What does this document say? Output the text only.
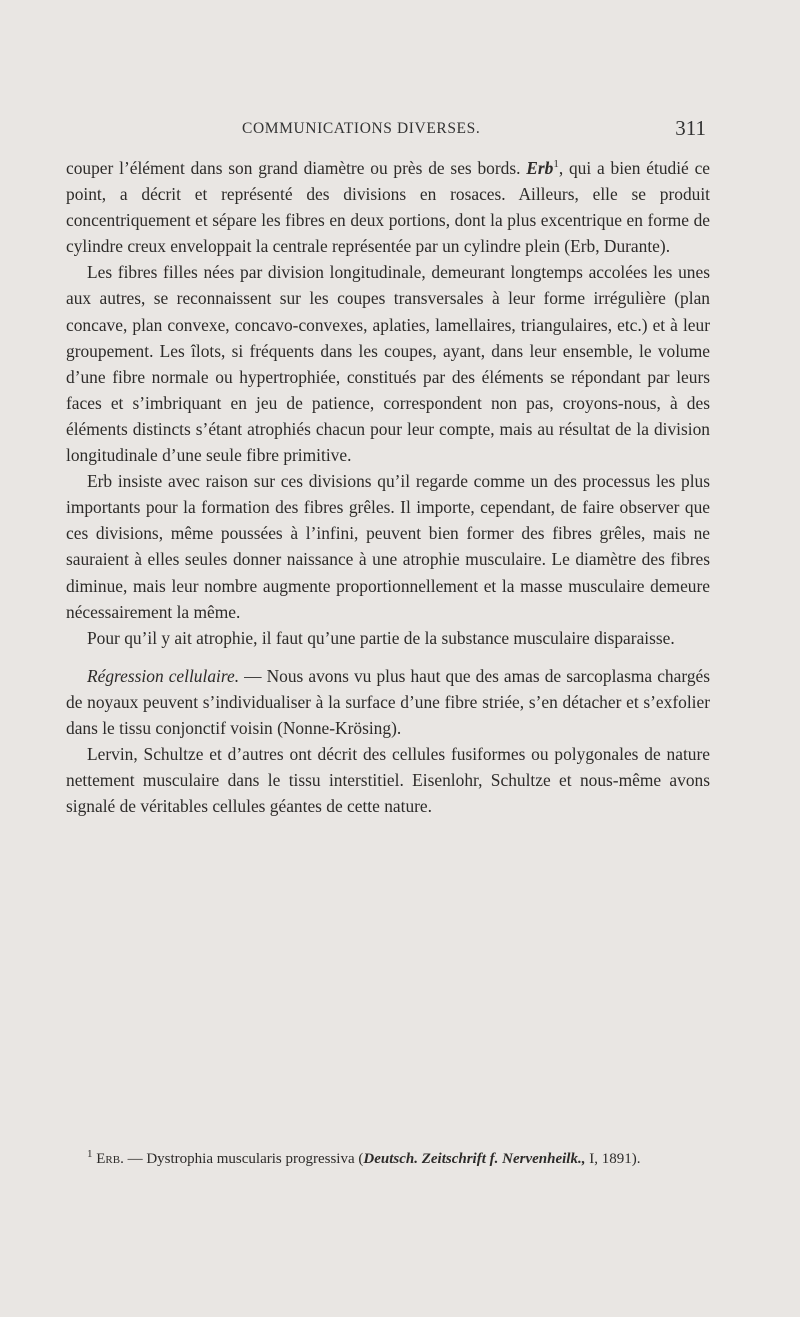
COMMUNICATIONS DIVERSES.	311

couper l’élément dans son grand diamètre ou près de ses bords. Erb$^1$, qui a bien étudié ce point, a décrit et représenté des divisions en rosaces. Ailleurs, elle se produit concentriquement et sépare les fibres en deux portions, dont la plus excentrique en forme de cylindre creux enveloppait la centrale représentée par un cylindre plein (Erb, Durante).

Les fibres filles nées par division longitudinale, demeurant longtemps accolées les unes aux autres, se reconnaissent sur les coupes transversales à leur forme irrégulière (plan concave, plan convexe, concavo-convexes, aplaties, lamellaires, triangulaires, etc.) et à leur groupement. Les îlots, si fréquents dans les coupes, ayant, dans leur ensemble, le volume d’une fibre normale ou hypertrophiée, constitués par des éléments se répondant par leurs faces et s’imbriquant en jeu de patience, correspondent non pas, croyons-nous, à des éléments distincts s’étant atrophiés chacun pour leur compte, mais au résultat de la division longitudinale d’une seule fibre primitive.

Erb insiste avec raison sur ces divisions qu’il regarde comme un des processus les plus importants pour la formation des fibres grêles. Il importe, cependant, de faire observer que ces divisions, même poussées à l’infini, peuvent bien former des fibres grêles, mais ne sauraient à elles seules donner naissance à une atrophie musculaire. Le diamètre des fibres diminue, mais leur nombre augmente proportionnellement et la masse musculaire demeure nécessairement la même.

Pour qu’il y ait atrophie, il faut qu’une partie de la substance musculaire disparaisse.

Régression cellulaire. — Nous avons vu plus haut que des amas de sarcoplasma chargés de noyaux peuvent s’individualiser à la surface d’une fibre striée, s’en détacher et s’exfolier dans le tissu conjonctif voisin (Nonne-Krösing).

Lervin, Schultze et d’autres ont décrit des cellules fusiformes ou polygonales de nature nettement musculaire dans le tissu interstitiel. Eisenlohr, Schultze et nous-même avons signalé de véritables cellules géantes de cette nature.

$^1$ Erb. — Dystrophia muscularis progressiva (Deutsch. Zeitschrift f. Nervenheilk., I, 1891).
